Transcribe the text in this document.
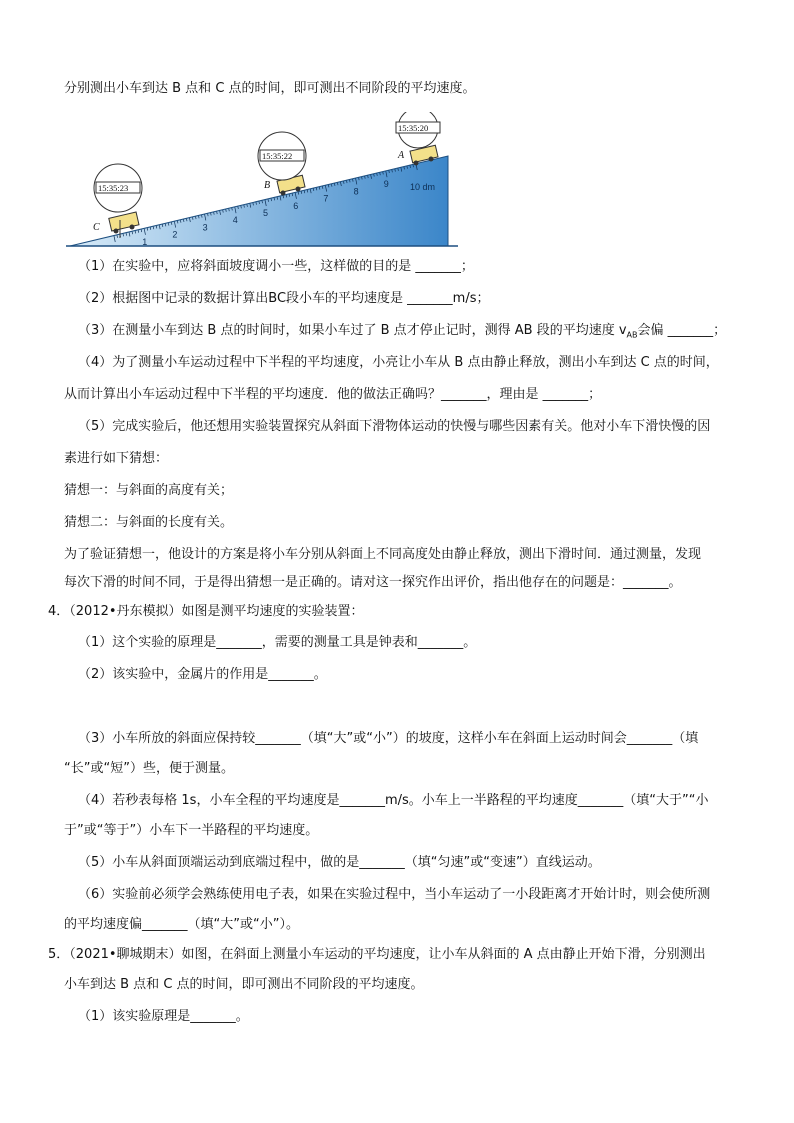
分别测出小车到达 B 点和 C 点的时间，即可测出不同阶段的平均速度。
1
2
3
4
5
6
7
8
9 10 dm
C
15:35:23	B
15:35:22	A
15:35:20
（1）在实验中，应将斜面坡度调小一些，这样做的目的是 _______；
（2）根据图中记录的数据计算出BC段小车的平均速度是 _______m/s；
（3）在测量小车到达 B 点的时间时，如果小车过了 B 点才停止记时，测得 AB 段的平均速度 $v_{AB}$会偏 _______；
（4）为了测量小车运动过程中下半程的平均速度，小亮让小车从 B 点由静止释放，测出小车到达 C 点的时间，
从而计算出小车运动过程中下半程的平均速度．他的做法正确吗？_______，理由是 _______；
（5）完成实验后，他还想用实验装置探究从斜面下滑物体运动的快慢与哪些因素有关。他对小车下滑快慢的因
素进行如下猜想：
猜想一：与斜面的高度有关；
猜想二：与斜面的长度有关。
为了验证猜想一，他设计的方案是将小车分别从斜面上不同高度处由静止释放，测出下滑时间．通过测量，发现
每次下滑的时间不同，于是得出猜想一是正确的。请对这一探究作出评价，指出他存在的问题是：_______。
4．（2012•丹东模拟）如图是测平均速度的实验装置：
（1）这个实验的原理是_______，需要的测量工具是钟表和_______。
（2）该实验中，金属片的作用是_______。
（3）小车所放的斜面应保持较_______（填“大”或“小”）的坡度，这样小车在斜面上运动时间会_______（填
“长”或“短”）些，便于测量。
（4）若秒表每格 1s，小车全程的平均速度是_______m/s。小车上一半路程的平均速度_______（填“大于”“小
于”或“等于”）小车下一半路程的平均速度。
（5）小车从斜面顶端运动到底端过程中，做的是_______（填“匀速”或“变速”）直线运动。
（6）实验前必须学会熟练使用电子表，如果在实验过程中，当小车运动了一小段距离才开始计时，则会使所测
的平均速度偏_______（填“大”或“小”）。
5．（2021•聊城期末）如图，在斜面上测量小车运动的平均速度，让小车从斜面的 A 点由静止开始下滑，分别测出
小车到达 B 点和 C 点的时间，即可测出不同阶段的平均速度。
（1）该实验原理是_______。
